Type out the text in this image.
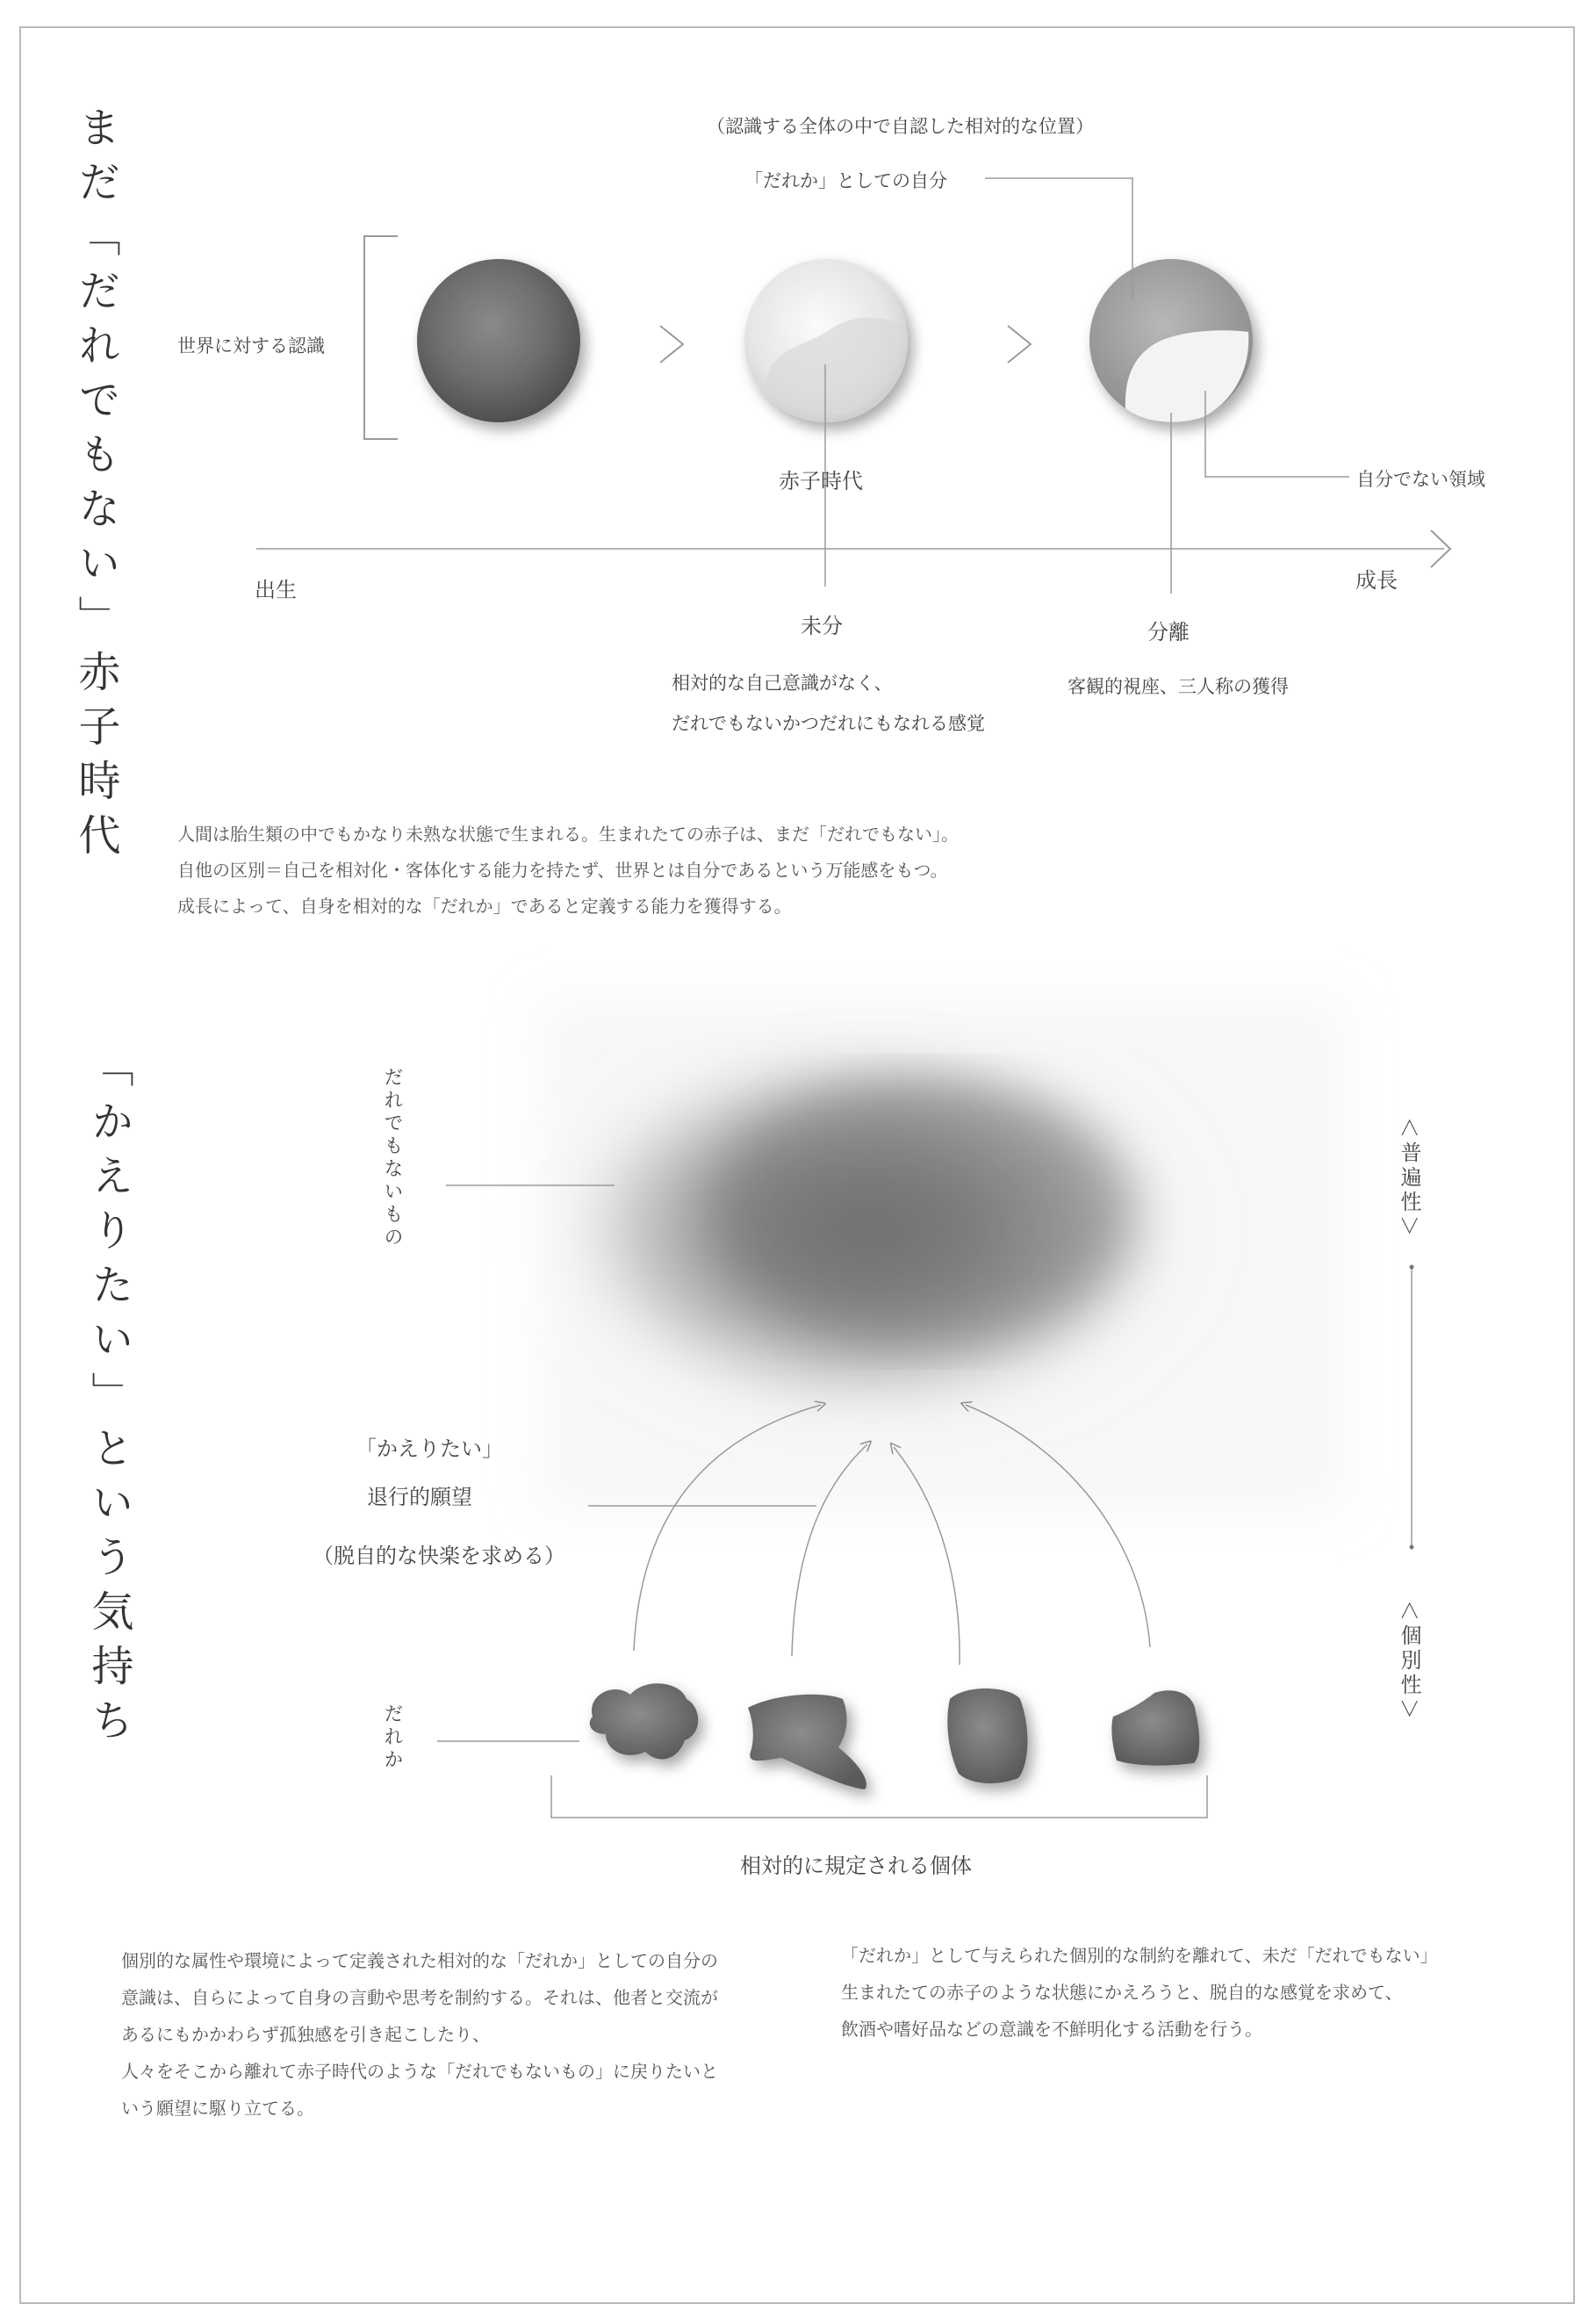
まだ「だれでもない」赤子時代	（認識する全体の中で自認した相対的な位置）
「だれか」としての自分
世界に対する認識
赤子時代	自分でない領域
出生	成長
未分	分離
相対的な自己意識がなく、
だれでもないかつだれにもなれる感覚
客観的視座、三人称の獲得
人間は胎生類の中でもかなり未熟な状態で生まれる。生まれたての赤子は、まだ「だれでもない」。
自他の区別＝自己を相対化・客体化する能力を持たず、世界とは自分であるという万能感をもつ。
成長によって、自身を相対的な「だれか」であると定義する能力を獲得する。
「かえりたい」という気持ち	だれでもないもの
「かえりたい」
退行的願望
（脱自的な快楽を求める）
だれか
相対的に規定される個体
＜普遍性＞
＜個別性＞
個別的な属性や環境によって定義された相対的な「だれか」としての自分の
意識は、自らによって自身の言動や思考を制約する。それは、他者と交流が
あるにもかかわらず孤独感を引き起こしたり、
人々をそこから離れて赤子時代のような「だれでもないもの」に戻りたいと
いう願望に駆り立てる。
「だれか」として与えられた個別的な制約を離れて、未だ「だれでもない」
生まれたての赤子のような状態にかえろうと、脱自的な感覚を求めて、
飲酒や嗜好品などの意識を不鮮明化する活動を行う。
